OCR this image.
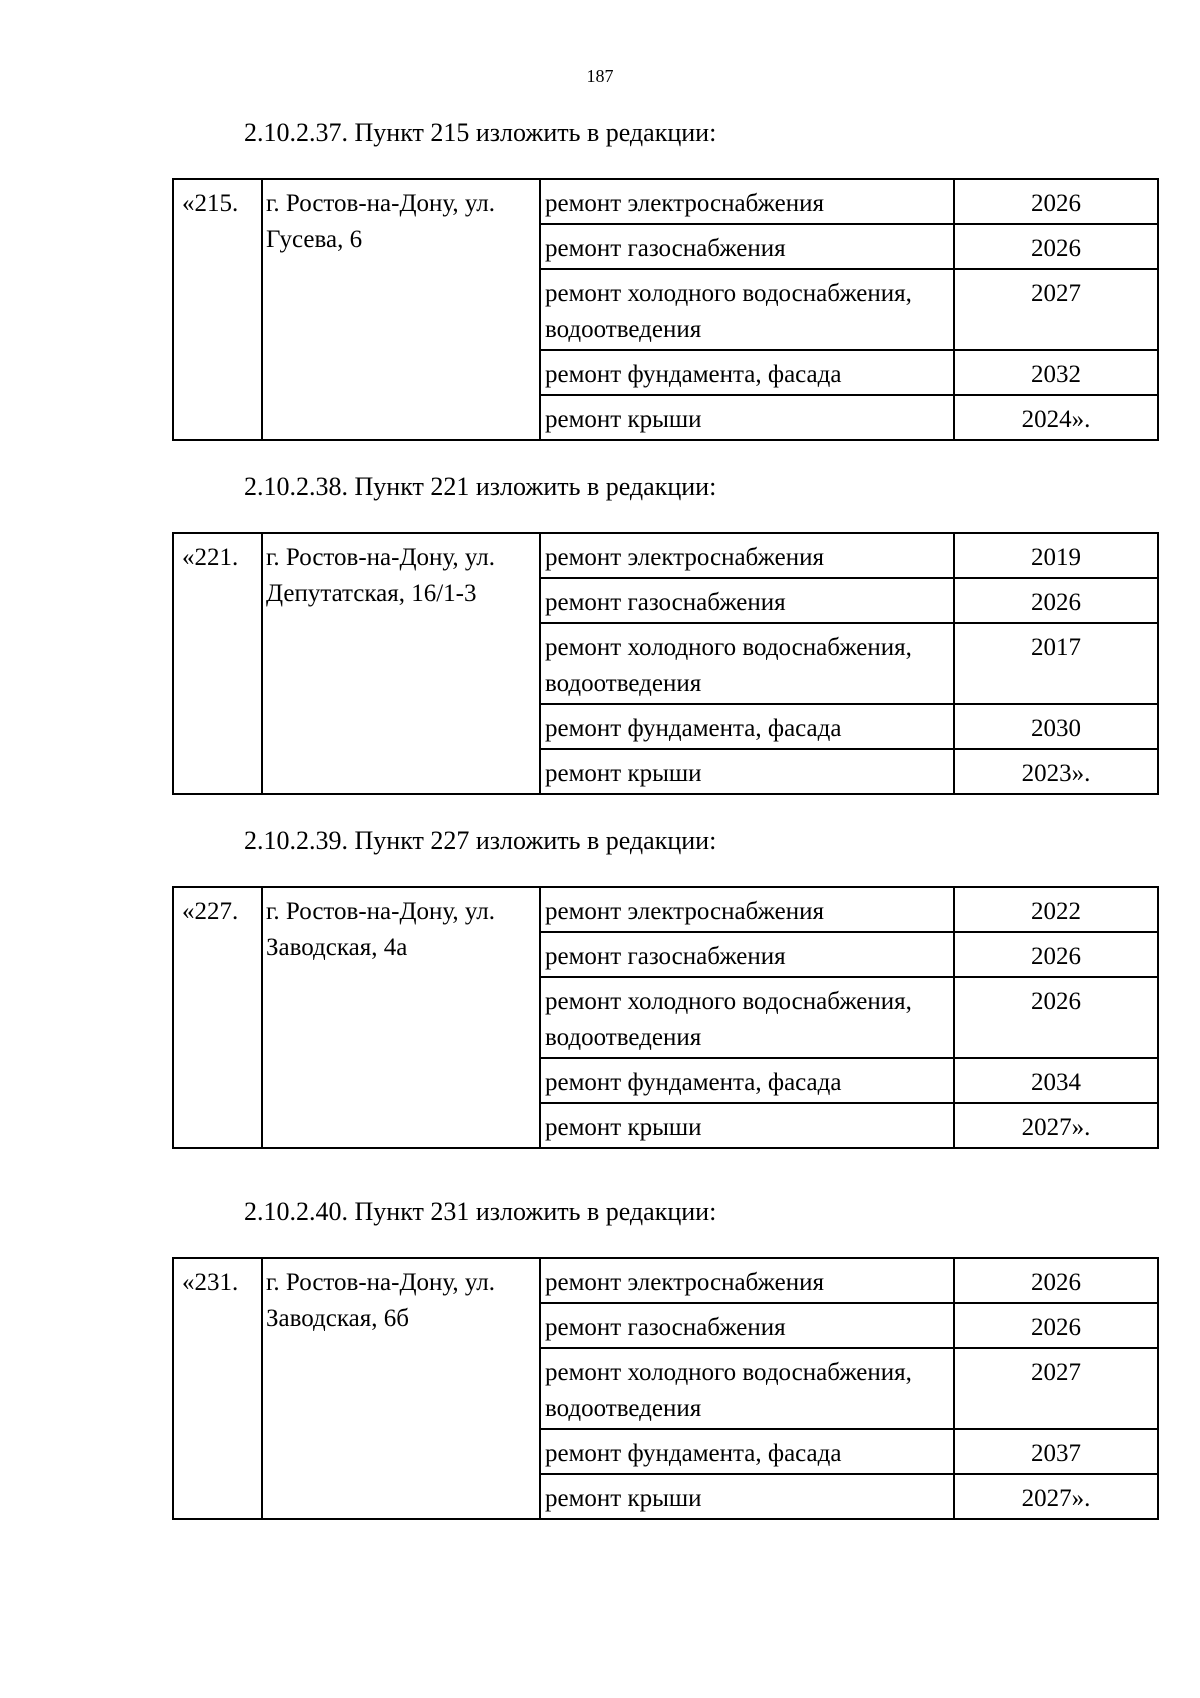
187
2.10.2.37. Пункт 215 изложить в редакции:
«215.	г. Ростов-на-Дону, ул. Гусева, 6	ремонт электроснабжения	2026
		ремонт газоснабжения	2026
		ремонт холодного водоснабжения, водоотведения	2027
		ремонт фундамента, фасада	2032
		ремонт крыши	2024».
2.10.2.38. Пункт 221 изложить в редакции:
«221.	г. Ростов-на-Дону, ул. Депутатская, 16/1-3	ремонт электроснабжения	2019
		ремонт газоснабжения	2026
		ремонт холодного водоснабжения, водоотведения	2017
		ремонт фундамента, фасада	2030
		ремонт крыши	2023».
2.10.2.39. Пункт 227 изложить в редакции:
«227.	г. Ростов-на-Дону, ул. Заводская, 4а	ремонт электроснабжения	2022
		ремонт газоснабжения	2026
		ремонт холодного водоснабжения, водоотведения	2026
		ремонт фундамента, фасада	2034
		ремонт крыши	2027».
2.10.2.40. Пункт 231 изложить в редакции:
«231.	г. Ростов-на-Дону, ул. Заводская, 6б	ремонт электроснабжения	2026
		ремонт газоснабжения	2026
		ремонт холодного водоснабжения, водоотведения	2027
		ремонт фундамента, фасада	2037
		ремонт крыши	2027».
